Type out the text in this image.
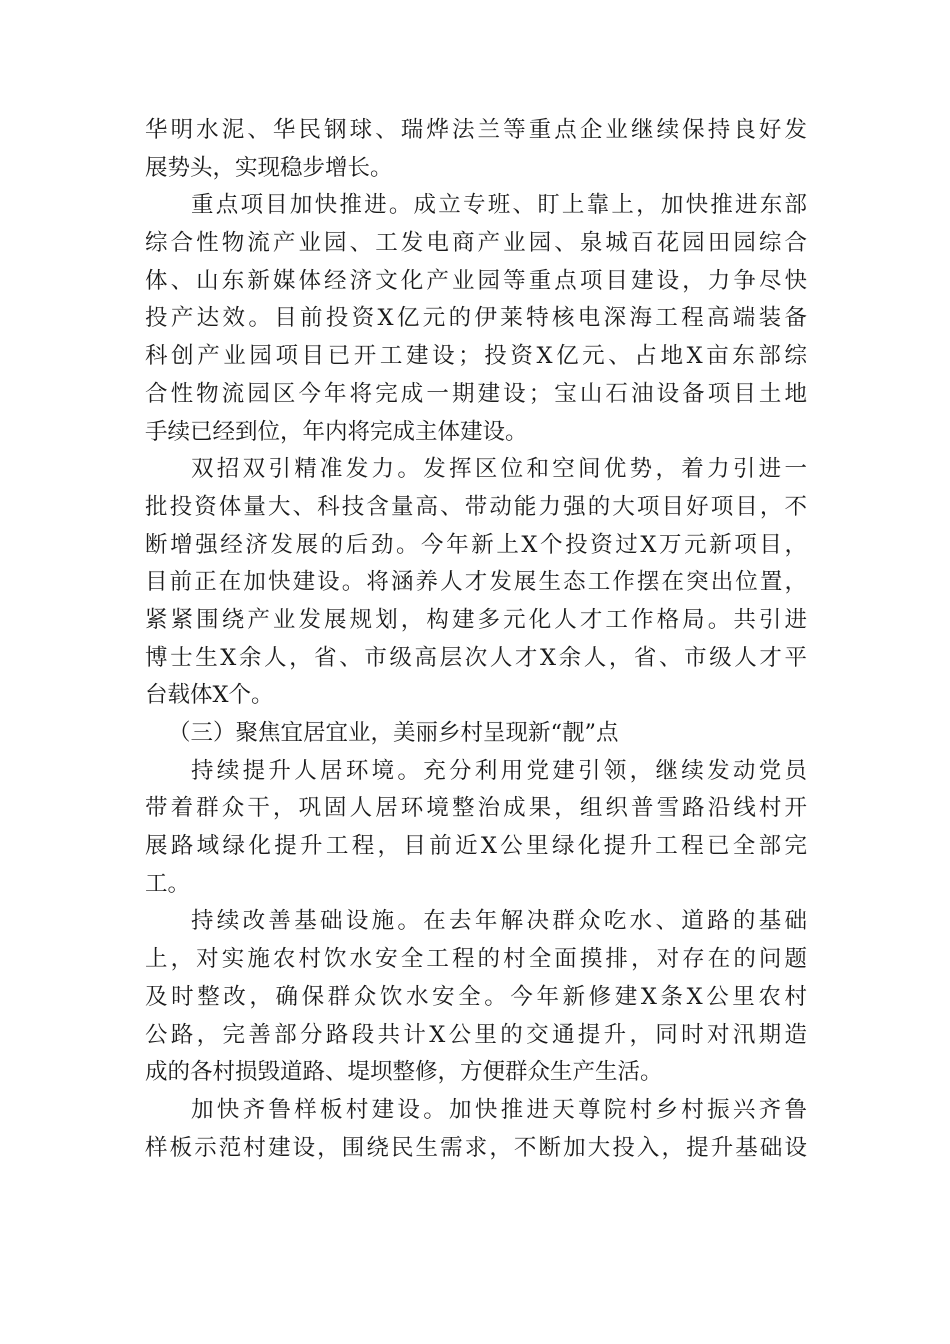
华明水泥、华民钢球、瑞烨法兰等重点企业继续保持良好发
展势头，实现稳步增长。
重点项目加快推进。成立专班、盯上靠上，加快推进东部
综合性物流产业园、工发电商产业园、泉城百花园田园综合
体、山东新媒体经济文化产业园等重点项目建设，力争尽快
投产达效。目前投资X亿元的伊莱特核电深海工程高端装备
科创产业园项目已开工建设；投资X亿元、占地X亩东部综
合性物流园区今年将完成一期建设；宝山石油设备项目土地
手续已经到位，年内将完成主体建设。
双招双引精准发力。发挥区位和空间优势，着力引进一
批投资体量大、科技含量高、带动能力强的大项目好项目，不
断增强经济发展的后劲。今年新上X个投资过X万元新项目，
目前正在加快建设。将涵养人才发展生态工作摆在突出位置，
紧紧围绕产业发展规划，构建多元化人才工作格局。共引进
博士生X余人，省、市级高层次人才X余人，省、市级人才平
台载体X个。
（三）聚焦宜居宜业，美丽乡村呈现新“靓”点
持续提升人居环境。充分利用党建引领，继续发动党员
带着群众干，巩固人居环境整治成果，组织普雪路沿线村开
展路域绿化提升工程，目前近X公里绿化提升工程已全部完
工。
持续改善基础设施。在去年解决群众吃水、道路的基础
上，对实施农村饮水安全工程的村全面摸排，对存在的问题
及时整改，确保群众饮水安全。今年新修建X条X公里农村
公路，完善部分路段共计X公里的交通提升，同时对汛期造
成的各村损毁道路、堤坝整修，方便群众生产生活。
加快齐鲁样板村建设。加快推进天尊院村乡村振兴齐鲁
样板示范村建设，围绕民生需求，不断加大投入，提升基础设
